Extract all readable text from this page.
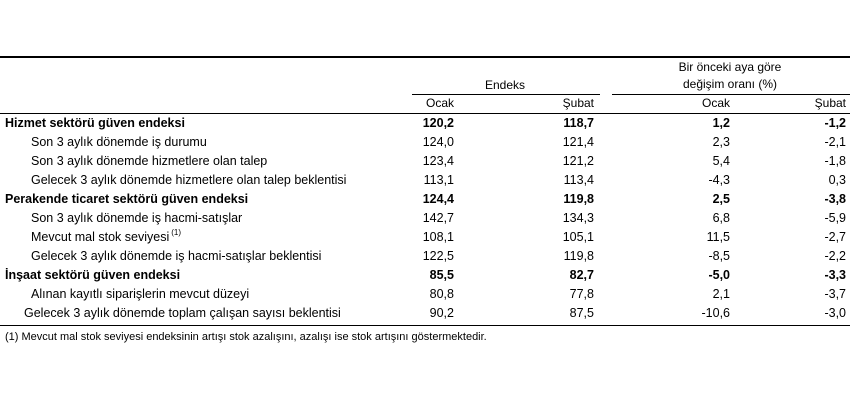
Endeks
Bir önceki aya göre
değişim oranı (%)
Ocak	Şubat	Ocak	Şubat
Hizmet sektörü güven endeksi	120,2	118,7	1,2	-1,2
Son 3 aylık dönemde iş durumu	124,0	121,4	2,3	-2,1
Son 3 aylık dönemde hizmetlere olan talep	123,4	121,2	5,4	-1,8
Gelecek 3 aylık dönemde hizmetlere olan talep beklentisi	113,1	113,4	-4,3	0,3
Perakende ticaret sektörü güven endeksi	124,4	119,8	2,5	-3,8
Son 3 aylık dönemde iş hacmi-satışlar	142,7	134,3	6,8	-5,9
Mevcut mal stok seviyesi $^{(1)}$	108,1	105,1	11,5	-2,7
Gelecek 3 aylık dönemde iş hacmi-satışlar beklentisi	122,5	119,8	-8,5	-2,2
İnşaat sektörü güven endeksi	85,5	82,7	-5,0	-3,3
Alınan kayıtlı siparişlerin mevcut düzeyi	80,8	77,8	2,1	-3,7
Gelecek 3 aylık dönemde toplam çalışan sayısı beklentisi	90,2	87,5	-10,6	-3,0
(1) Mevcut mal stok seviyesi endeksinin artışı stok azalışını, azalışı ise stok artışını göstermektedir.
